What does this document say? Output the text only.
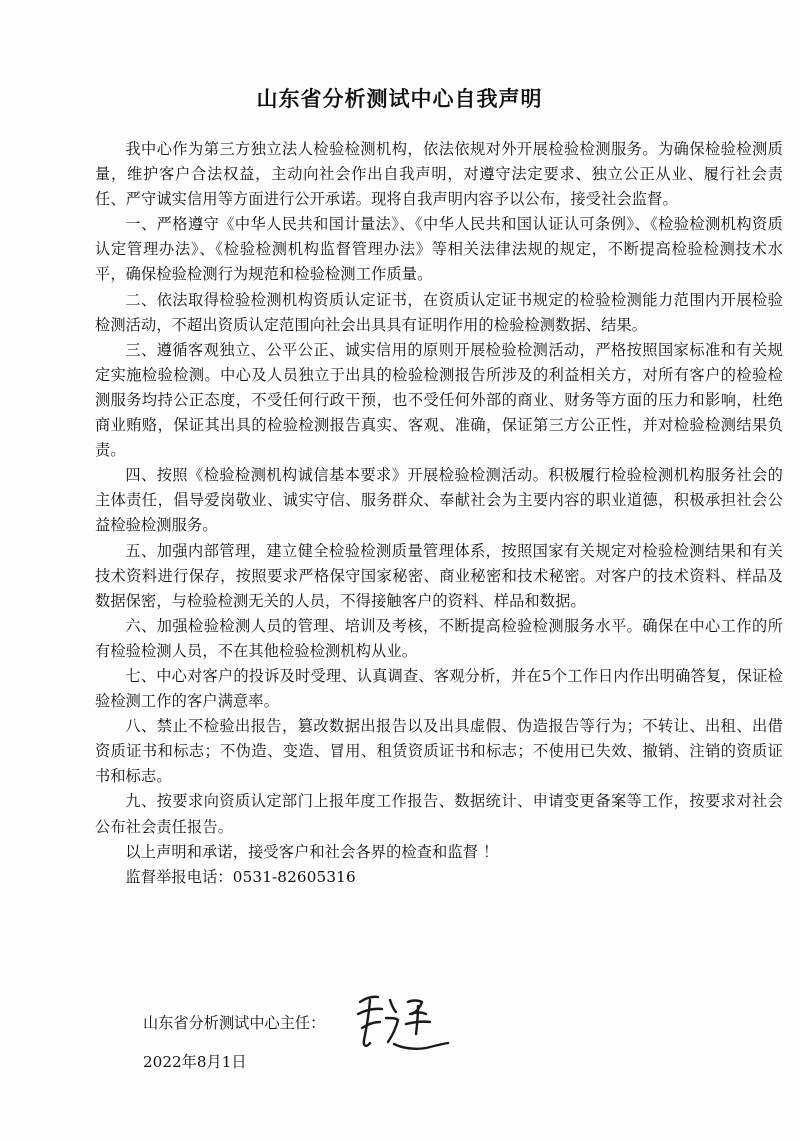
山东省分析测试中心自我声明

我中心作为第三方独立法人检验检测机构，依法依规对外开展检验检测服务。为确保检验检测质量，维护客户合法权益，主动向社会作出自我声明，对遵守法定要求、独立公正从业、履行社会责任、严守诚实信用等方面进行公开承诺。现将自我声明内容予以公布，接受社会监督。

一、严格遵守《中华人民共和国计量法》、《中华人民共和国认证认可条例》、《检验检测机构资质认定管理办法》、《检验检测机构监督管理办法》等相关法律法规的规定，不断提高检验检测技术水平，确保检验检测行为规范和检验检测工作质量。

二、依法取得检验检测机构资质认定证书，在资质认定证书规定的检验检测能力范围内开展检验检测活动，不超出资质认定范围向社会出具具有证明作用的检验检测数据、结果。

三、遵循客观独立、公平公正、诚实信用的原则开展检验检测活动，严格按照国家标准和有关规定实施检验检测。中心及人员独立于出具的检验检测报告所涉及的利益相关方，对所有客户的检验检测服务均持公正态度，不受任何行政干预，也不受任何外部的商业、财务等方面的压力和影响，杜绝商业贿赂，保证其出具的检验检测报告真实、客观、准确，保证第三方公正性，并对检验检测结果负责。

四、按照《检验检测机构诚信基本要求》开展检验检测活动。积极履行检验检测机构服务社会的主体责任，倡导爱岗敬业、诚实守信、服务群众、奉献社会为主要内容的职业道德，积极承担社会公益检验检测服务。

五、加强内部管理，建立健全检验检测质量管理体系，按照国家有关规定对检验检测结果和有关技术资料进行保存，按照要求严格保守国家秘密、商业秘密和技术秘密。对客户的技术资料、样品及数据保密，与检验检测无关的人员，不得接触客户的资料、样品和数据。

六、加强检验检测人员的管理、培训及考核，不断提高检验检测服务水平。确保在中心工作的所有检验检测人员，不在其他检验检测机构从业。

七、中心对客户的投诉及时受理、认真调查、客观分析，并在5个工作日内作出明确答复，保证检验检测工作的客户满意率。

八、禁止不检验出报告，篡改数据出报告以及出具虚假、伪造报告等行为；不转让、出租、出借资质证书和标志；不伪造、变造、冒用、租赁资质证书和标志；不使用已失效、撤销、注销的资质证书和标志。

九、按要求向资质认定部门上报年度工作报告、数据统计、申请变更备案等工作，按要求对社会公布社会责任报告。

以上声明和承诺，接受客户和社会各界的检查和监督 ！

监督举报电话：0531-82605316

山东省分析测试中心主任：

2022年8月1日
